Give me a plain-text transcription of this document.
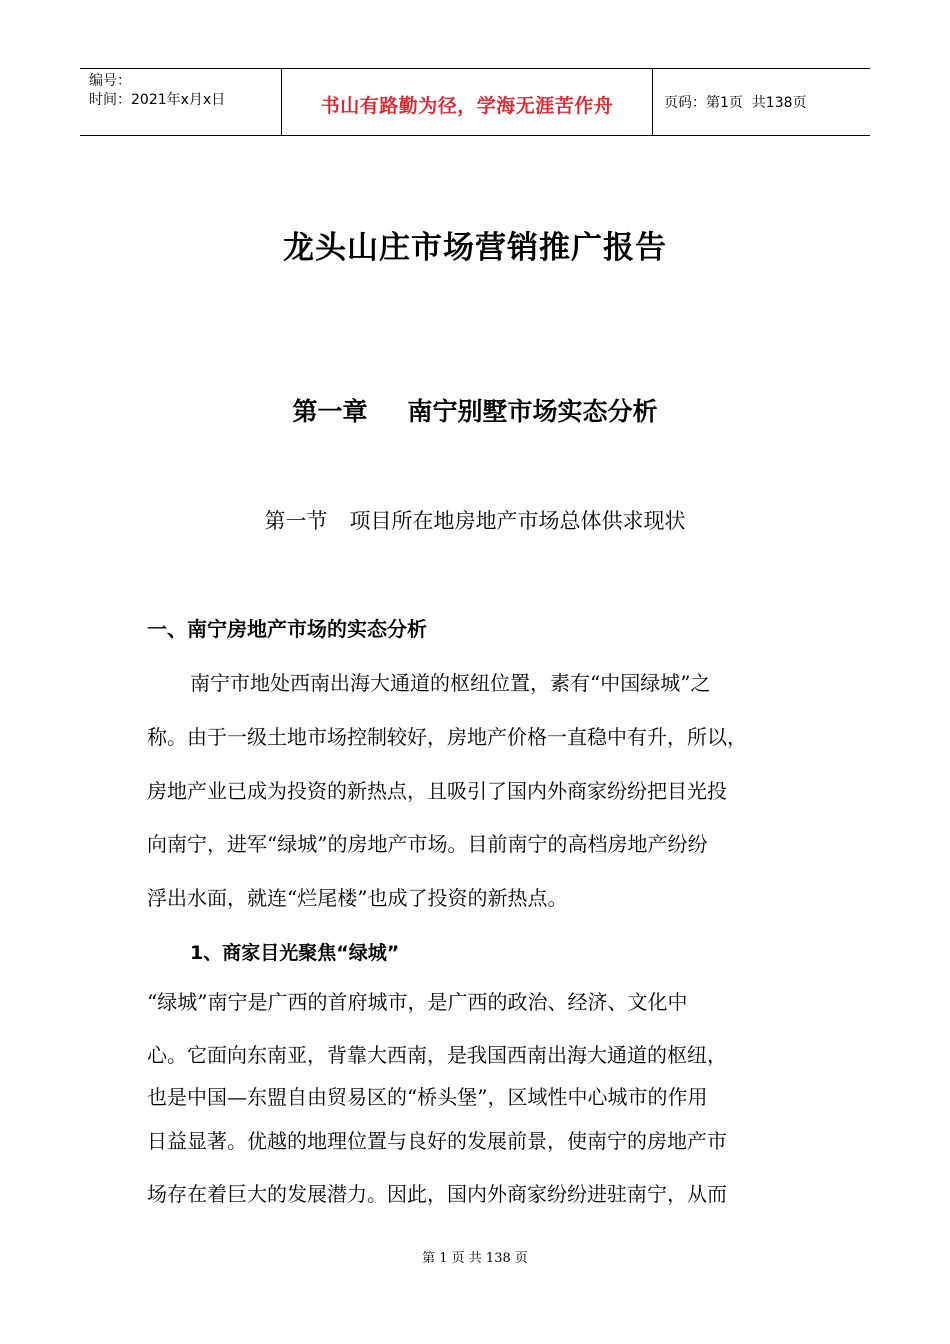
编号：
时间：2021年x月x日	书山有路勤为径，学海无涯苦作舟	页码：第1页  共138页
龙头山庄市场营销推广报告
第一章 南宁别墅市场实态分析
第一节 项目所在地房地产市场总体供求现状
一、南宁房地产市场的实态分析
南宁市地处西南出海大通道的枢纽位置，素有“中国绿城”之
称。由于一级土地市场控制较好，房地产价格一直稳中有升，所以，
房地产业已成为投资的新热点，且吸引了国内外商家纷纷把目光投
向南宁，进军“绿城”的房地产市场。目前南宁的高档房地产纷纷
浮出水面，就连“烂尾楼”也成了投资的新热点。
1、商家目光聚焦“绿城”
“绿城”南宁是广西的首府城市，是广西的政治、经济、文化中
心。它面向东南亚，背靠大西南，是我国西南出海大通道的枢纽，
也是中国—东盟自由贸易区的“桥头堡”，区域性中心城市的作用
日益显著。优越的地理位置与良好的发展前景，使南宁的房地产市
场存在着巨大的发展潜力。因此，国内外商家纷纷进驻南宁，从而
第 1 页 共 138 页
